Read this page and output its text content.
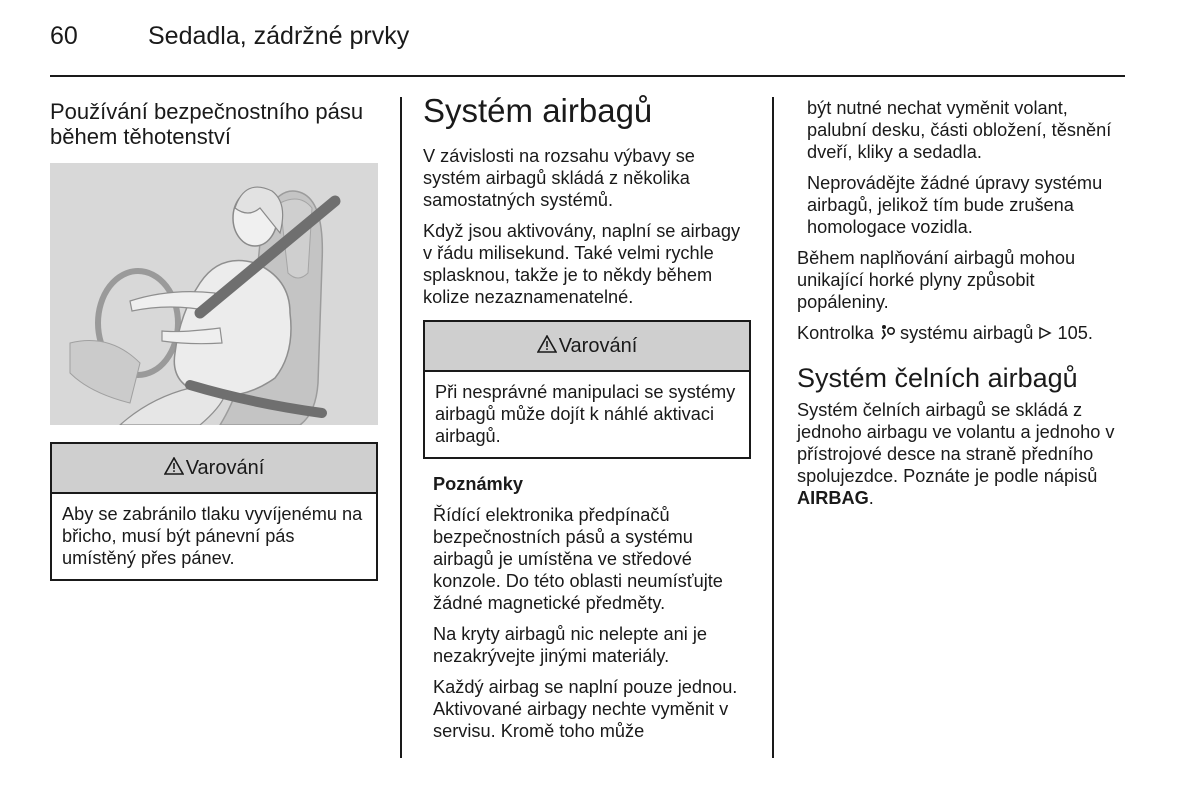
60	Sedadla, zádržné prvky
Používání bezpečnostního pásu během těhotenství
Varování
Aby se zabránilo tlaku vyvíjenému na břicho, musí být pánevní pás umístěný přes pánev.
Systém airbagů

V závislosti na rozsahu výbavy se systém airbagů skládá z několika samostatných systémů.

Když jsou aktivovány, naplní se airbagy v řádu milisekund. Také velmi rychle splasknou, takže je to někdy během kolize nezaznamenatelné.

Varování
Při nesprávné manipulaci se systémy airbagů může dojít k náhlé aktivaci airbagů.

Poznámky

Řídící elektronika předpínačů bezpečnostních pásů a systému airbagů je umístěna ve středové konzole. Do této oblasti neumísťujte žádné magnetické předměty.

Na kryty airbagů nic nelepte ani je nezakrývejte jinými materiály.

Každý airbag se naplní pouze jednou. Aktivované airbagy nechte vyměnit v servisu. Kromě toho může

být nutné nechat vyměnit volant, palubní desku, části obložení, těsnění dveří, kliky a sedadla.

Neprovádějte žádné úpravy systému airbagů, jelikož tím bude zrušena homologace vozidla.

Během naplňování airbagů mohou unikající horké plyny způsobit popáleniny.

Kontrolka systému airbagů 105.

Systém čelních airbagů

Systém čelních airbagů se skládá z jednoho airbagu ve volantu a jednoho v přístrojové desce na straně předního spolujezdce. Poznáte je podle nápisů AIRBAG.
